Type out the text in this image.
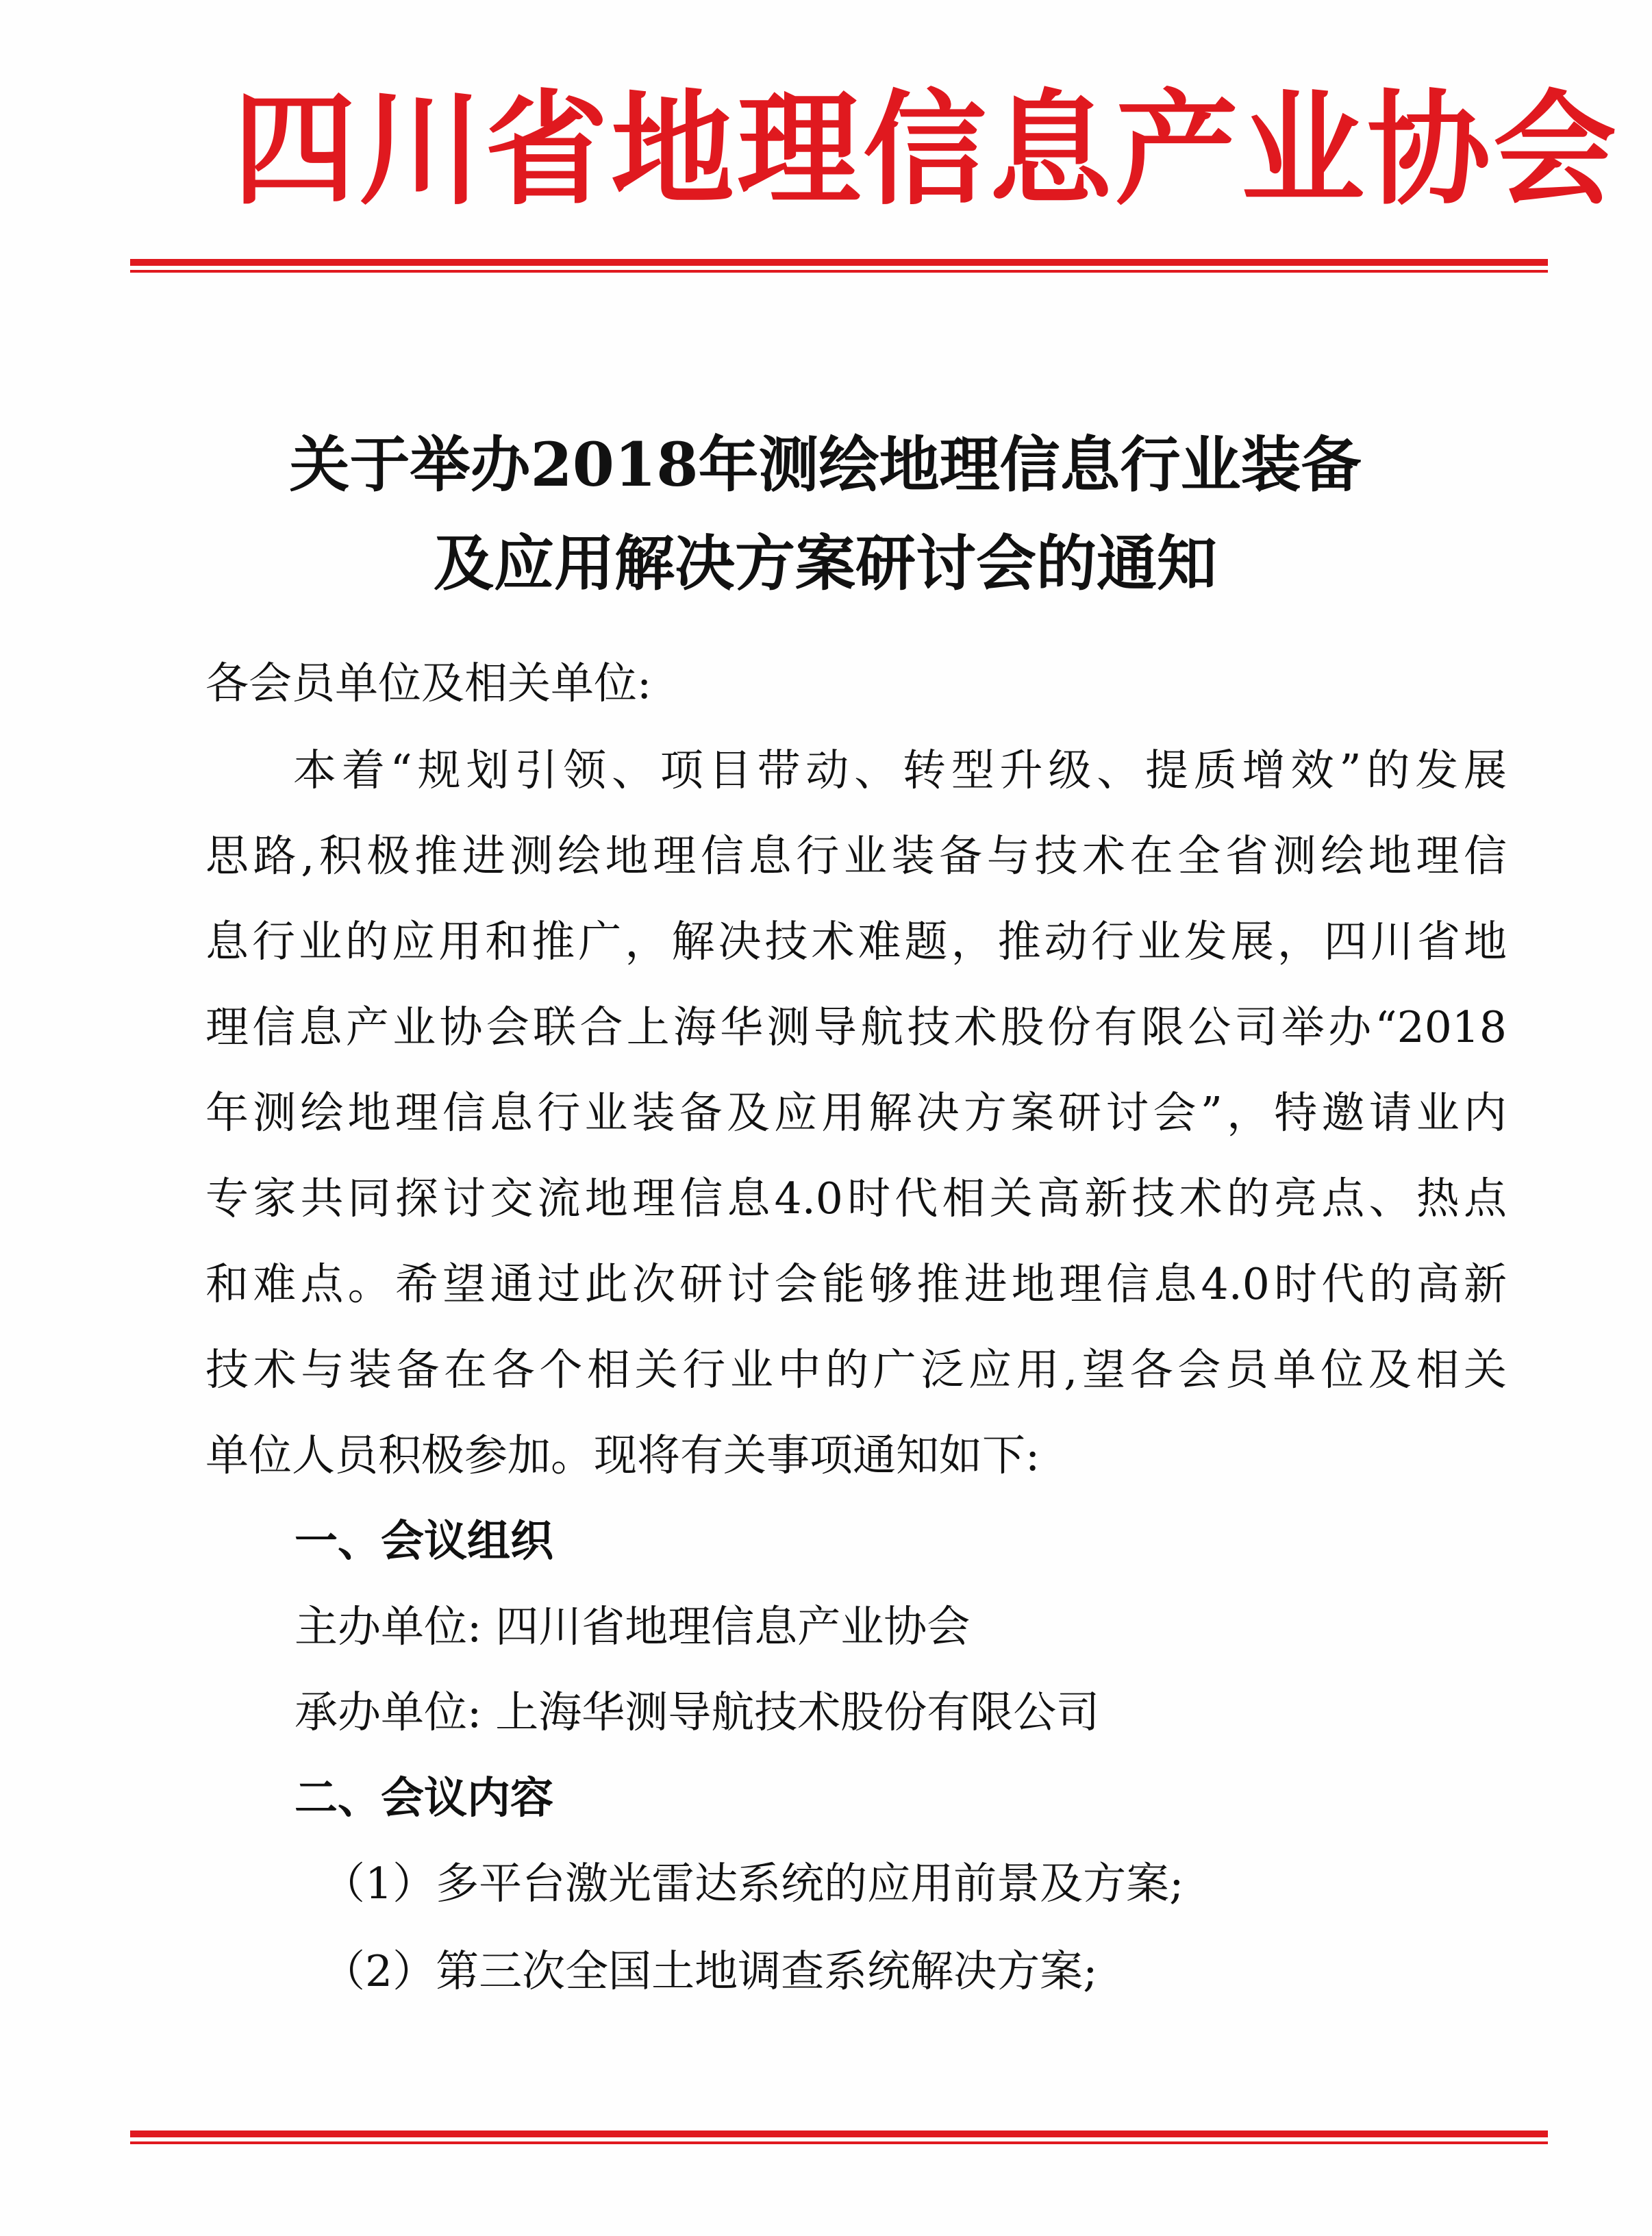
四川省地理信息产业协会
关于举办2018年测绘地理信息行业装备
及应用解决方案研讨会的通知
各会员单位及相关单位:
本着“规划引领、项目带动、转型升级、提质增效”的发展
思路,积极推进测绘地理信息行业装备与技术在全省测绘地理信
息行业的应用和推广，解决技术难题，推动行业发展，四川省地
理信息产业协会联合上海华测导航技术股份有限公司举办“2018
年测绘地理信息行业装备及应用解决方案研讨会”，特邀请业内
专家共同探讨交流地理信息4.0时代相关高新技术的亮点、热点
和难点。希望通过此次研讨会能够推进地理信息4.0时代的高新
技术与装备在各个相关行业中的广泛应用,望各会员单位及相关
单位人员积极参加。现将有关事项通知如下:
一、会议组织
主办单位: 四川省地理信息产业协会
承办单位: 上海华测导航技术股份有限公司
二、会议内容
（1）多平台激光雷达系统的应用前景及方案;
（2）第三次全国土地调查系统解决方案;
